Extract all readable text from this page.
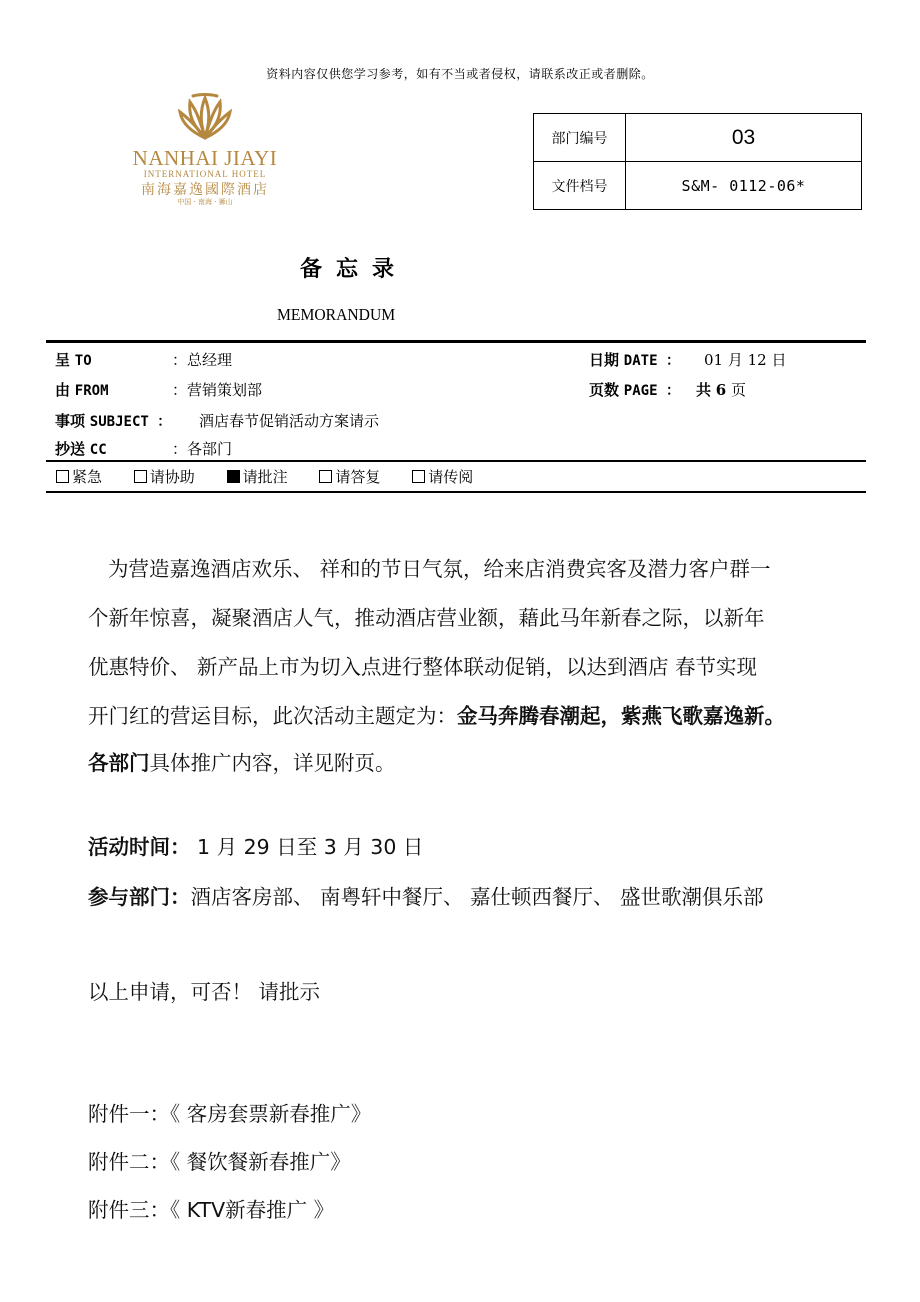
资料内容仅供您学习参考，如有不当或者侵权，请联系改正或者删除。
NANHAI JIAYI
INTERNATIONAL HOTEL
南海嘉逸國際酒店
中国 · 南海 · 狮山
部门编号	03
文件档号	S&M- 0112-06*
备忘录
MEMORANDUM
呈 TO	：总经理	日期 DATE ： 01 月 12 日
由 FROM	：营销策划部	页数 PAGE ： 共 6 页
事项 SUBJECT ： 酒店春节促销活动方案请示
抄送 CC	：各部门
紧急	请协助	请批注	请答复	请传阅
为营造嘉逸酒店欢乐、 祥和的节日气氛，给来店消费宾客及潜力客户群一
个新年惊喜，凝聚酒店人气，推动酒店营业额，藉此马年新春之际，以新年
优惠特价、 新产品上市为切入点进行整体联动促销，以达到酒店 春节实现
开门红的营运目标，此次活动主题定为：金马奔腾春潮起，紫燕飞歌嘉逸新。
各部门具体推广内容，详见附页。
活动时间： 1 月 29 日至 3 月 30 日
参与部门：酒店客房部、 南粤轩中餐厅、 嘉仕顿西餐厅、 盛世歌潮俱乐部
以上申请，可否！ 请批示
附件一：《 客房套票新春推广》
附件二：《 餐饮餐新春推广》
附件三：《 KTV新春推广 》
